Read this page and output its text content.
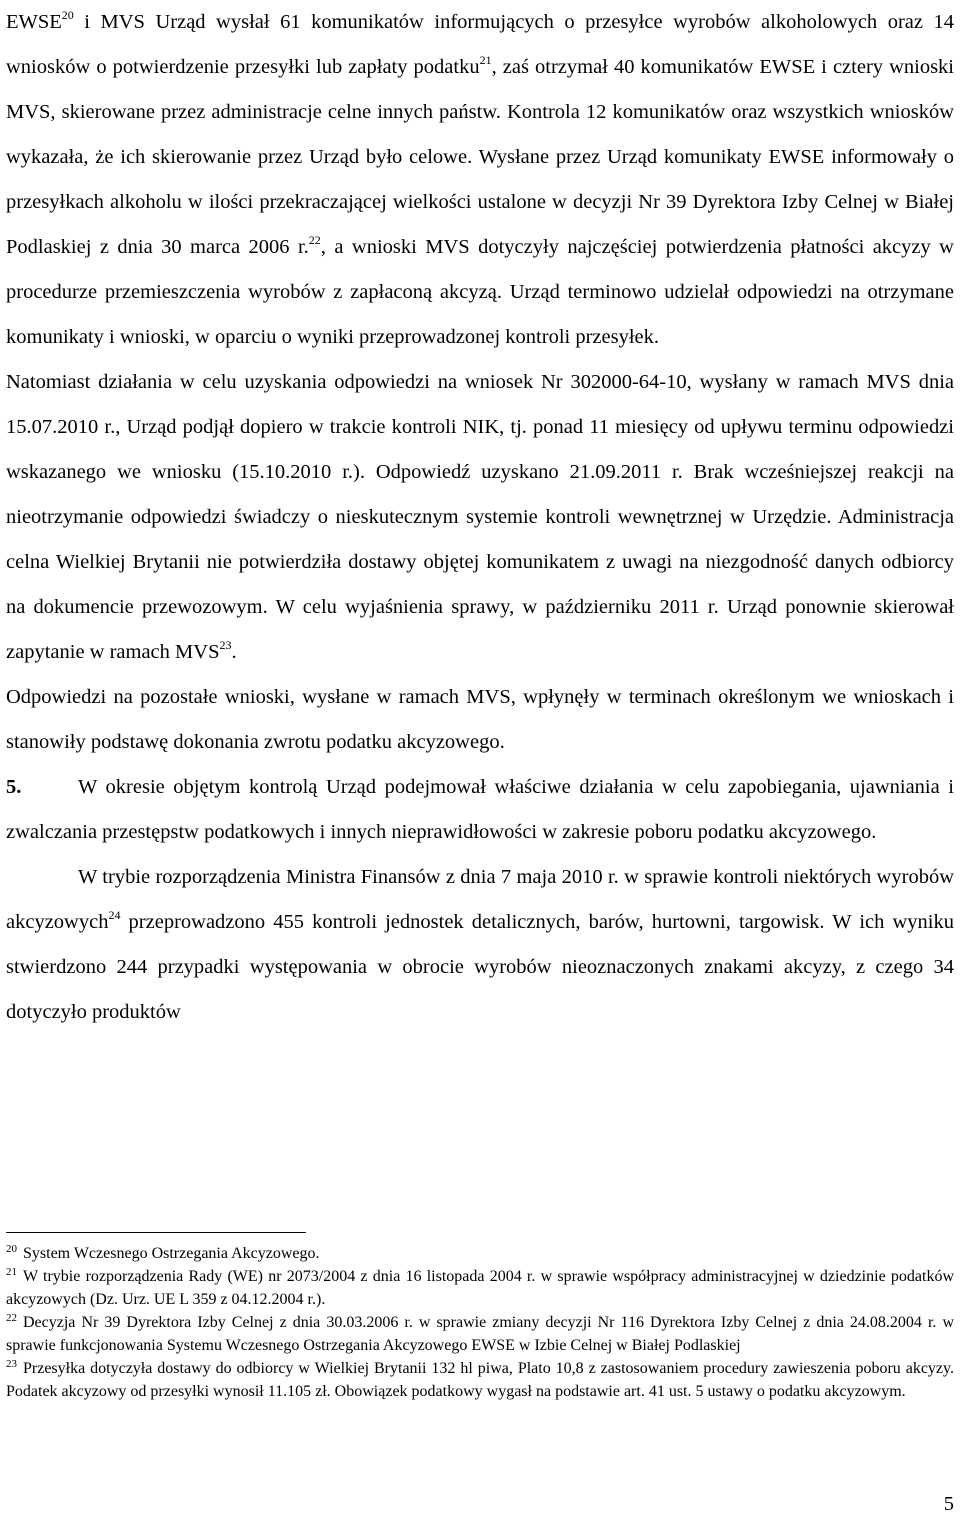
EWSE$^{20}$ i MVS Urząd wysłał 61 komunikatów informujących o przesyłce wyrobów alkoholowych oraz 14 wniosków o potwierdzenie przesyłki lub zapłaty podatku$^{21}$, zaś otrzymał 40 komunikatów EWSE i cztery wnioski MVS, skierowane przez administracje celne innych państw. Kontrola 12 komunikatów oraz wszystkich wniosków wykazała, że ich skierowanie przez Urząd było celowe. Wysłane przez Urząd komunikaty EWSE informowały o przesyłkach alkoholu w ilości przekraczającej wielkości ustalone w decyzji Nr 39 Dyrektora Izby Celnej w Białej Podlaskiej z dnia 30 marca 2006 r.$^{22}$, a wnioski MVS dotyczyły najczęściej potwierdzenia płatności akcyzy w procedurze przemieszczenia wyrobów z zapłaconą akcyzą. Urząd terminowo udzielał odpowiedzi na otrzymane komunikaty i wnioski, w oparciu o wyniki przeprowadzonej kontroli przesyłek.

Natomiast działania w celu uzyskania odpowiedzi na wniosek Nr 302000-64-10, wysłany w ramach MVS dnia 15.07.2010 r., Urząd podjął dopiero w trakcie kontroli NIK, tj. ponad 11 miesięcy od upływu terminu odpowiedzi wskazanego we wniosku (15.10.2010 r.). Odpowiedź uzyskano 21.09.2011 r. Brak wcześniejszej reakcji na nieotrzymanie odpowiedzi świadczy o nieskutecznym systemie kontroli wewnętrznej w Urzędzie. Administracja celna Wielkiej Brytanii nie potwierdziła dostawy objętej komunikatem z uwagi na niezgodność danych odbiorcy na dokumencie przewozowym. W celu wyjaśnienia sprawy, w październiku 2011 r. Urząd ponownie skierował zapytanie w ramach MVS$^{23}$.

Odpowiedzi na pozostałe wnioski, wysłane w ramach MVS, wpłynęły w terminach określonym we wnioskach i stanowiły podstawę dokonania zwrotu podatku akcyzowego.

5.	W okresie objętym kontrolą Urząd podejmował właściwe działania w celu zapobiegania, ujawniania i zwalczania przestępstw podatkowych i innych nieprawidłowości w zakresie poboru podatku akcyzowego.

W trybie rozporządzenia Ministra Finansów z dnia 7 maja 2010 r. w sprawie kontroli niektórych wyrobów akcyzowych$^{24}$ przeprowadzono 455 kontroli jednostek detalicznych, barów, hurtowni, targowisk. W ich wyniku stwierdzono 244 przypadki występowania w obrocie wyrobów nieoznaczonych znakami akcyzy, z czego 34 dotyczyło produktów

$^{20}$ System Wczesnego Ostrzegania Akcyzowego.

$^{21}$ W trybie rozporządzenia Rady (WE) nr 2073/2004 z dnia 16 listopada 2004 r. w sprawie współpracy administracyjnej w dziedzinie podatków akcyzowych (Dz. Urz. UE L 359 z 04.12.2004 r.).

$^{22}$ Decyzja Nr 39 Dyrektora Izby Celnej z dnia 30.03.2006 r. w sprawie zmiany decyzji Nr 116 Dyrektora Izby Celnej z dnia 24.08.2004 r. w sprawie funkcjonowania Systemu Wczesnego Ostrzegania Akcyzowego EWSE w Izbie Celnej w Białej Podlaskiej

$^{23}$ Przesyłka dotyczyła dostawy do odbiorcy w Wielkiej Brytanii 132 hl piwa, Plato 10,8 z zastosowaniem procedury zawieszenia poboru akcyzy. Podatek akcyzowy od przesyłki wynosił 11.105 zł. Obowiązek podatkowy wygasł na podstawie art. 41 ust. 5 ustawy o podatku akcyzowym.

5
